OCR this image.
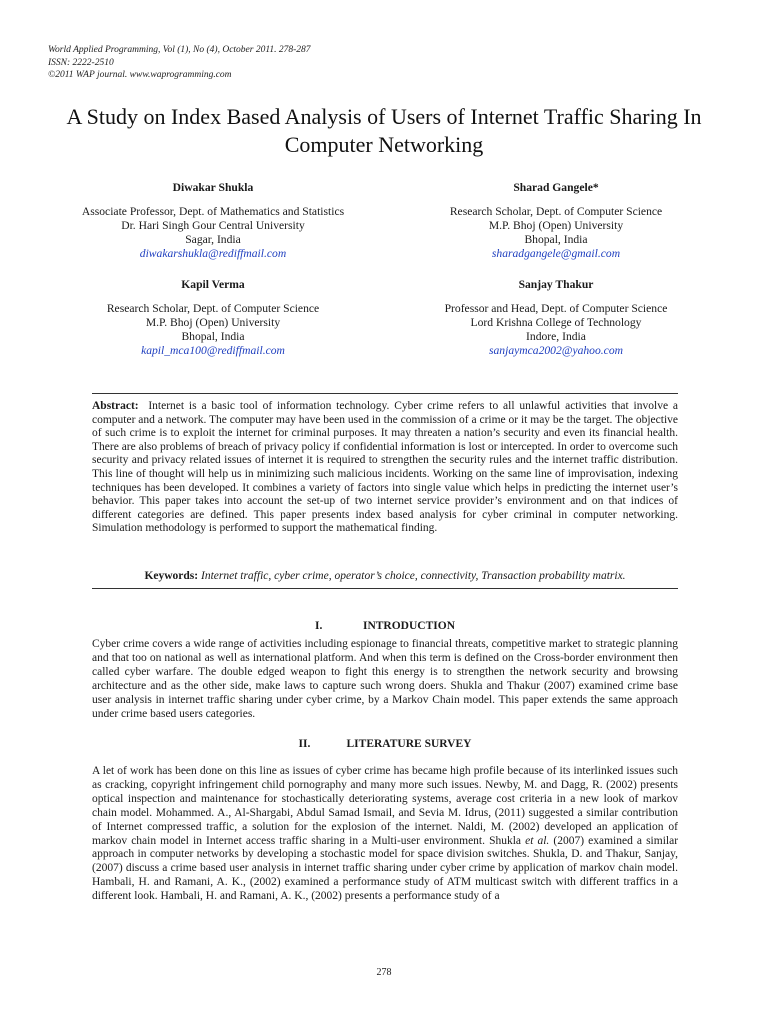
World Applied Programming, Vol (1), No (4), October 2011. 278-287
ISSN: 2222-2510
©2011 WAP journal. www.waprogramming.com
A Study on Index Based Analysis of Users of Internet Traffic Sharing In Computer Networking
Diwakar Shukla
Associate Professor, Dept. of Mathematics and Statistics
Dr. Hari Singh Gour Central University
Sagar, India
diwakarshukla@rediffmail.com
Sharad Gangele*
Research Scholar, Dept. of Computer Science
M.P. Bhoj (Open) University
Bhopal, India
sharadgangele@gmail.com
Kapil Verma
Research Scholar, Dept. of Computer Science
M.P. Bhoj (Open) University
Bhopal, India
kapil_mca100@rediffmail.com
Sanjay Thakur
Professor and Head, Dept. of Computer Science
Lord Krishna College of Technology
Indore, India
sanjaymca2002@yahoo.com
Abstract: Internet is a basic tool of information technology. Cyber crime refers to all unlawful activities that involve a computer and a network. The computer may have been used in the commission of a crime or it may be the target. The objective of such crime is to exploit the internet for criminal purposes. It may threaten a nation’s security and even its financial health. There are also problems of breach of privacy policy if confidential information is lost or intercepted. In order to overcome such security and privacy related issues of internet it is required to strengthen the security rules and the internet traffic distribution. This line of thought will help us in minimizing such malicious incidents. Working on the same line of improvisation, indexing techniques has been developed. It combines a variety of factors into single value which helps in predicting the internet user’s behavior. This paper takes into account the set-up of two internet service provider’s environment and on that indices of different categories are defined. This paper presents index based analysis for cyber criminal in computer networking. Simulation methodology is performed to support the mathematical finding.
Keywords: Internet traffic, cyber crime, operator’s choice, connectivity, Transaction probability matrix.
I.	INTRODUCTION
Cyber crime covers a wide range of activities including espionage to financial threats, competitive market to strategic planning and that too on national as well as international platform. And when this term is defined on the Cross-border environment then called cyber warfare. The double edged weapon to fight this energy is to strengthen the network security and browsing architecture and as the other side, make laws to capture such wrong doers. Shukla and Thakur (2007) examined crime base user analysis in internet traffic sharing under cyber crime, by a Markov Chain model. This paper extends the same approach under crime based users categories.
II.	LITERATURE SURVEY
A let of work has been done on this line as issues of cyber crime has became high profile because of its interlinked issues such as cracking, copyright infringement child pornography and many more such issues. Newby, M. and Dagg, R. (2002) presents optical inspection and maintenance for stochastically deteriorating systems, average cost criteria in a new look of markov chain model. Mohammed. A., Al-Shargabi, Abdul Samad Ismail, and Sevia M. Idrus, (2011) suggested a similar contribution of Internet compressed traffic, a solution for the explosion of the internet. Naldi, M. (2002) developed an application of markov chain model in Internet access traffic sharing in a Multi-user environment. Shukla et al. (2007) examined a similar approach in computer networks by developing a stochastic model for space division switches. Shukla, D. and Thakur, Sanjay, (2007) discuss a crime based user analysis in internet traffic sharing under cyber crime by application of markov chain model. Hambali, H. and Ramani, A. K., (2002) examined a performance study of ATM multicast switch with different traffics in a different look. Hambali, H. and Ramani, A. K., (2002) presents a performance study of a
278
